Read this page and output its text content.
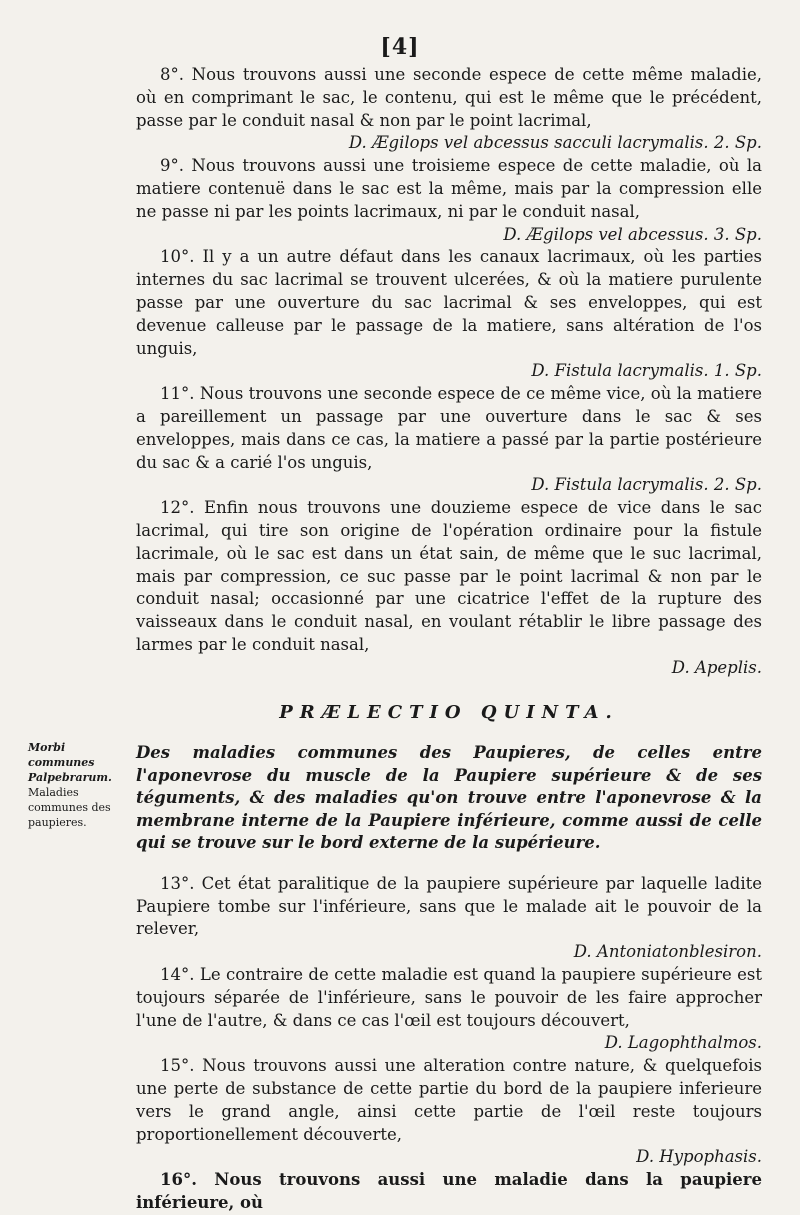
[4]

8°. Nous trouvons aussi une seconde espece de cette même maladie, où en comprimant le sac, le contenu, qui est le même que le précédent, passe par le conduit nasal & non par le point lacrimal,
D. Ægilops vel abcessus sacculi lacrymalis. 2. Sp.

9°. Nous trouvons aussi une troisieme espece de cette maladie, où la matiere contenuë dans le sac est la même, mais par la compression elle ne passe ni par les points lacrimaux, ni par le conduit nasal,
D. Ægilops vel abcessus. 3. Sp.

10°. Il y a un autre défaut dans les canaux lacrimaux, où les parties internes du sac lacrimal se trouvent ulcerées, & où la matiere purulente passe par une ouverture du sac lacrimal & ses enveloppes, qui est devenue calleuse par le passage de la matiere, sans altération de l'os unguis,
D. Fistula lacrymalis. 1. Sp.

11°. Nous trouvons une seconde espece de ce même vice, où la matiere a pareillement un passage par une ouverture dans le sac & ses enveloppes, mais dans ce cas, la matiere a passé par la partie postérieure du sac & a carié l'os unguis,
D. Fistula lacrymalis. 2. Sp.

12°. Enfin nous trouvons une douzieme espece de vice dans le sac lacrimal, qui tire son origine de l'opération ordinaire pour la fistule lacrimale, où le sac est dans un état sain, de même que le suc lacrimal, mais par compression, ce suc passe par le point lacrimal & non par le conduit nasal; occasionné par une cicatrice l'effet de la rupture des vaisseaux dans le conduit nasal, en voulant rétablir le libre passage des larmes par le conduit nasal,
D. Apeplis.

PRÆLECTIO QUINTA.
Des maladies communes des Paupieres, de celles entre l'aponevrose du muscle de la Paupiere supérieure & de ses téguments, & des maladies qu'on trouve entre l'aponevrose & la membrane interne de la Paupiere inférieure, comme aussi de celle qui se trouve sur le bord externe de la supérieure.

13°. Cet état paralitique de la paupiere supérieure par laquelle ladite Paupiere tombe sur l'inférieure, sans que le malade ait le pouvoir de la relever,
D. Antoniatonblesiron.

14°. Le contraire de cette maladie est quand la paupiere supérieure est toujours séparée de l'inférieure, sans le pouvoir de les faire approcher l'une de l'autre, & dans ce cas l'œil est toujours découvert,
D. Lagophthalmos.

15°. Nous trouvons aussi une alteration contre nature, & quelquefois une perte de substance de cette partie du bord de la paupiere inferieure vers le grand angle, ainsi cette partie de l'œil reste toujours proportionellement découverte,
D. Hypophasis.

16°. Nous trouvons aussi une maladie dans la paupiere inférieure, où

Morbi communes Palpebrarum.
Maladies communes des paupieres.
